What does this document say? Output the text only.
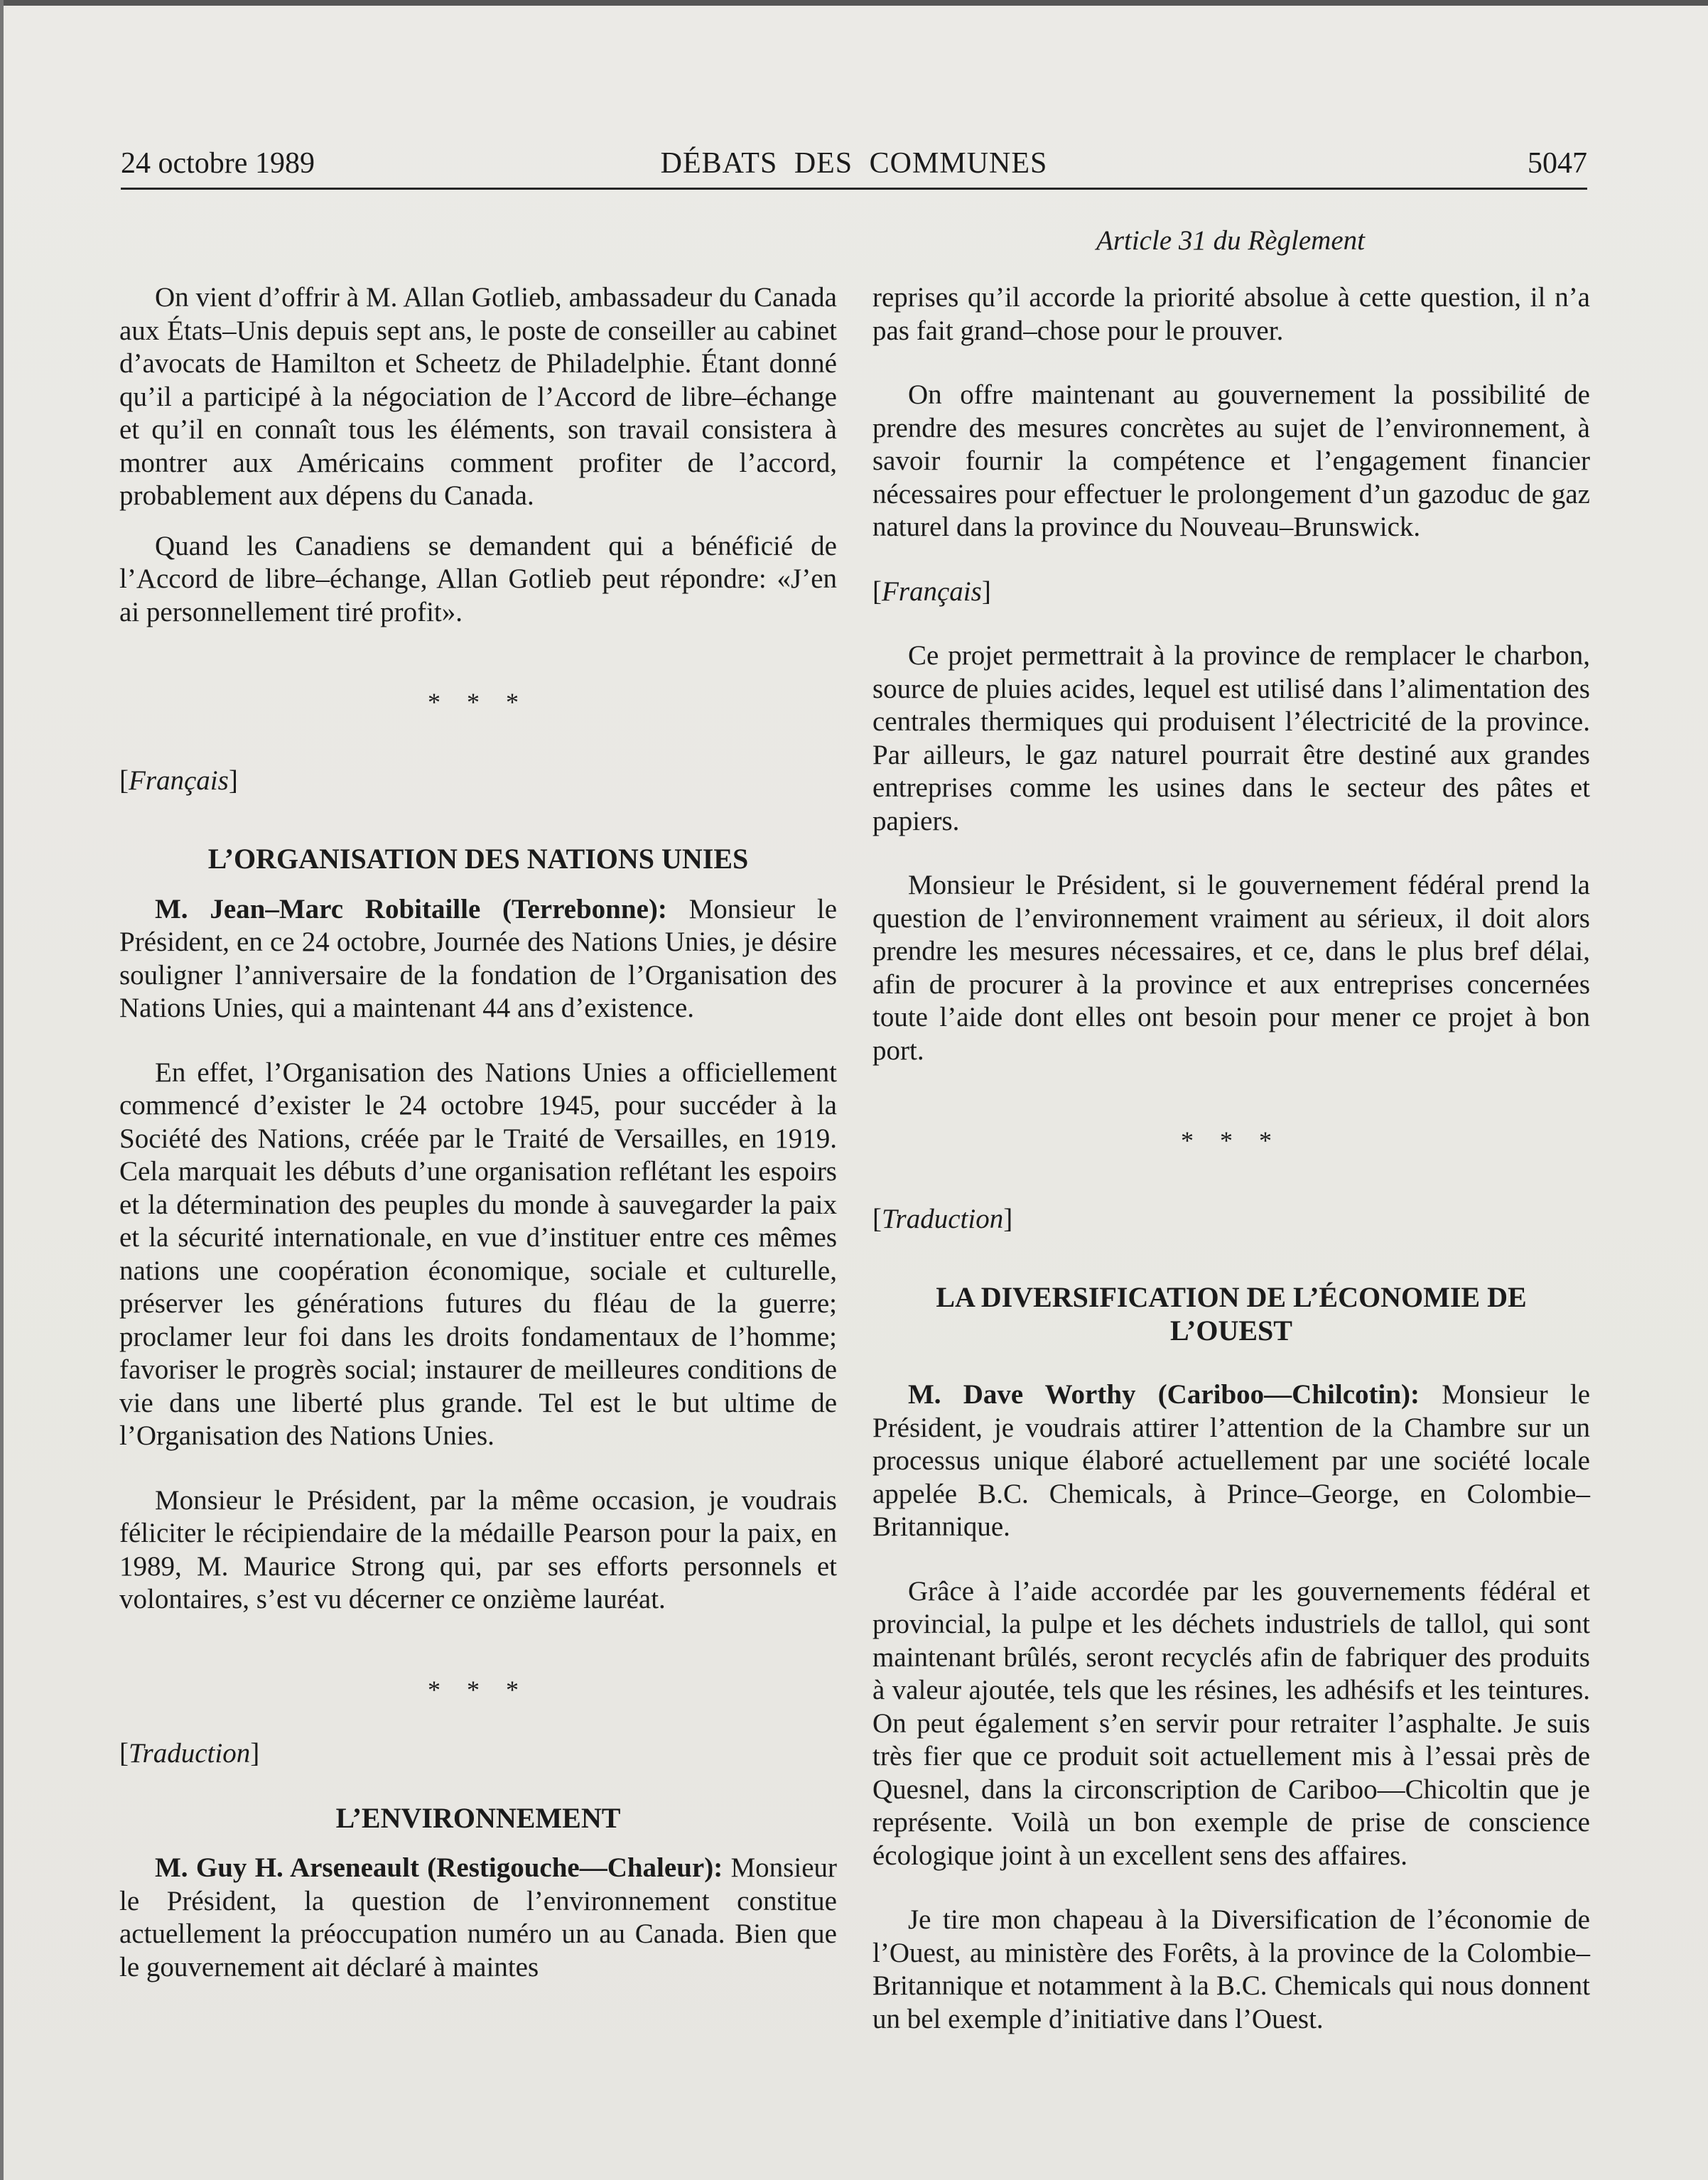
24 octobre 1989	DÉBATS DES COMMUNES	5047
Article 31 du Règlement

On vient d’offrir à M. Allan Gotlieb, ambassadeur du Canada aux États–Unis depuis sept ans, le poste de conseiller au cabinet d’avocats de Hamilton et Scheetz de Philadelphie. Étant donné qu’il a participé à la négociation de l’Accord de libre–échange et qu’il en connaît tous les éléments, son travail consistera à montrer aux Américains comment profiter de l’accord, probablement aux dépens du Canada.

Quand les Canadiens se demandent qui a bénéficié de l’Accord de libre–échange, Allan Gotlieb peut répondre: «J’en ai personnellement tiré profit».

* * *
[Français]
L’ORGANISATION DES NATIONS UNIES

M. Jean–Marc Robitaille (Terrebonne): Monsieur le Président, en ce 24 octobre, Journée des Nations Unies, je désire souligner l’anniversaire de la fondation de l’Organisation des Nations Unies, qui a maintenant 44 ans d’existence.

En effet, l’Organisation des Nations Unies a officiellement commencé d’exister le 24 octobre 1945, pour succéder à la Société des Nations, créée par le Traité de Versailles, en 1919. Cela marquait les débuts d’une organisation reflétant les espoirs et la détermination des peuples du monde à sauvegarder la paix et la sécurité internationale, en vue d’instituer entre ces mêmes nations une coopération économique, sociale et culturelle, préserver les générations futures du fléau de la guerre; proclamer leur foi dans les droits fondamentaux de l’homme; favoriser le progrès social; instaurer de meilleures conditions de vie dans une liberté plus grande. Tel est le but ultime de l’Organisation des Nations Unies.

Monsieur le Président, par la même occasion, je voudrais féliciter le récipiendaire de la médaille Pearson pour la paix, en 1989, M. Maurice Strong qui, par ses efforts personnels et volontaires, s’est vu décerner ce onzième lauréat.

* * *
[Traduction]
L’ENVIRONNEMENT

M. Guy H. Arseneault (Restigouche—Chaleur): Monsieur le Président, la question de l’environnement constitue actuellement la préoccupation numéro un au Canada. Bien que le gouvernement ait déclaré à maintes

reprises qu’il accorde la priorité absolue à cette question, il n’a pas fait grand–chose pour le prouver.

On offre maintenant au gouvernement la possibilité de prendre des mesures concrètes au sujet de l’environnement, à savoir fournir la compétence et l’engagement financier nécessaires pour effectuer le prolongement d’un gazoduc de gaz naturel dans la province du Nouveau–Brunswick.

[Français]

Ce projet permettrait à la province de remplacer le charbon, source de pluies acides, lequel est utilisé dans l’alimentation des centrales thermiques qui produisent l’électricité de la province. Par ailleurs, le gaz naturel pourrait être destiné aux grandes entreprises comme les usines dans le secteur des pâtes et papiers.

Monsieur le Président, si le gouvernement fédéral prend la question de l’environnement vraiment au sérieux, il doit alors prendre les mesures nécessaires, et ce, dans le plus bref délai, afin de procurer à la province et aux entreprises concernées toute l’aide dont elles ont besoin pour mener ce projet à bon port.

* * *
[Traduction]
LA DIVERSIFICATION DE L’ÉCONOMIE DE L’OUEST

M. Dave Worthy (Cariboo—Chilcotin): Monsieur le Président, je voudrais attirer l’attention de la Chambre sur un processus unique élaboré actuellement par une société locale appelée B.C. Chemicals, à Prince–George, en Colombie–Britannique.

Grâce à l’aide accordée par les gouvernements fédéral et provincial, la pulpe et les déchets industriels de tallol, qui sont maintenant brûlés, seront recyclés afin de fabriquer des produits à valeur ajoutée, tels que les résines, les adhésifs et les teintures. On peut également s’en servir pour retraiter l’asphalte. Je suis très fier que ce produit soit actuellement mis à l’essai près de Quesnel, dans la circonscription de Cariboo—Chicoltin que je représente. Voilà un bon exemple de prise de conscience écologique joint à un excellent sens des affaires.

Je tire mon chapeau à la Diversification de l’économie de l’Ouest, au ministère des Forêts, à la province de la Colombie–Britannique et notamment à la B.C. Chemicals qui nous donnent un bel exemple d’initiative dans l’Ouest.
